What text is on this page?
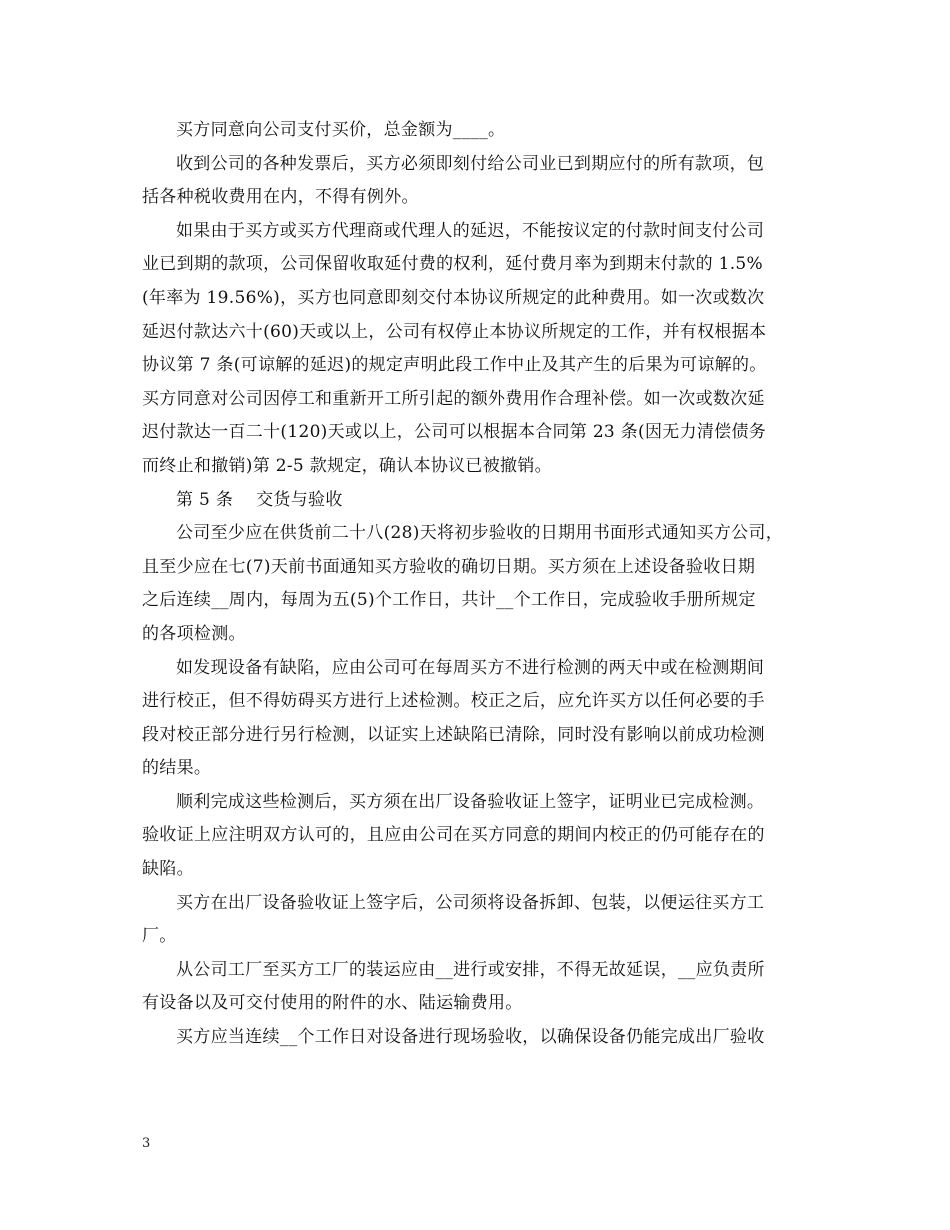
买方同意向公司支付买价，总金额为____。

收到公司的各种发票后，买方必须即刻付给公司业已到期应付的所有款项，包
括各种税收费用在内，不得有例外。

如果由于买方或买方代理商或代理人的延迟，不能按议定的付款时间支付公司
业已到期的款项，公司保留收取延付费的权利，延付费月率为到期末付款的 1.5%
(年率为 19.56%)，买方也同意即刻交付本协议所规定的此种费用。如一次或数次
延迟付款达六十(60)天或以上，公司有权停止本协议所规定的工作，并有权根据本
协议第 7 条(可谅解的延迟)的规定声明此段工作中止及其产生的后果为可谅解的。
买方同意对公司因停工和重新开工所引起的额外费用作合理补偿。如一次或数次延
迟付款达一百二十(120)天或以上，公司可以根据本合同第 23 条(因无力清偿债务
而终止和撤销)第 2-5 款规定，确认本协议已被撤销。

第 5 条　 交货与验收

公司至少应在供货前二十八(28)天将初步验收的日期用书面形式通知买方公司，
且至少应在七(7)天前书面通知买方验收的确切日期。买方须在上述设备验收日期
之后连续__周内，每周为五(5)个工作日，共计__个工作日，完成验收手册所规定
的各项检测。

如发现设备有缺陷，应由公司可在每周买方不进行检测的两天中或在检测期间
进行校正，但不得妨碍买方进行上述检测。校正之后，应允许买方以任何必要的手
段对校正部分进行另行检测，以证实上述缺陷已清除，同时没有影响以前成功检测
的结果。

顺利完成这些检测后，买方须在出厂设备验收证上签字，证明业已完成检测。
验收证上应注明双方认可的，且应由公司在买方同意的期间内校正的仍可能存在的
缺陷。

买方在出厂设备验收证上签字后，公司须将设备拆卸、包装，以便运往买方工
厂。

从公司工厂至买方工厂的装运应由__进行或安排，不得无故延误，__应负责所
有设备以及可交付使用的附件的水、陆运输费用。

买方应当连续__个工作日对设备进行现场验收，以确保设备仍能完成出厂验收

3
